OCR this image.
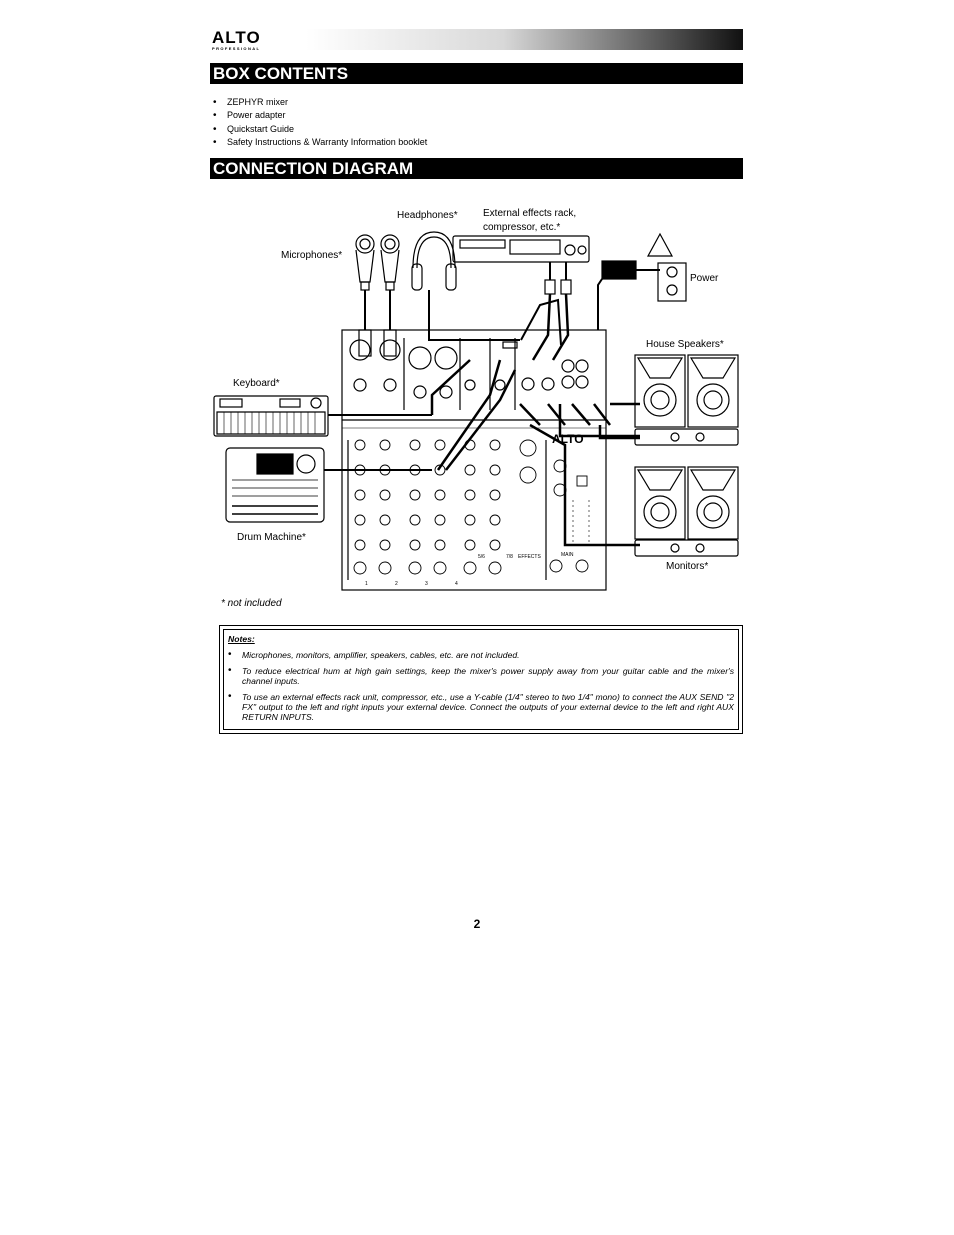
ALTO
PROFESSIONAL
BOX CONTENTS
• ZEPHYR mixer
• Power adapter
• Quickstart Guide
• Safety Instructions & Warranty Information booklet
CONNECTION DIAGRAM
Headphones*	External effects rack,
compressor, etc.*
Microphones*
Power
House Speakers*
Keyboard*
Drum Machine*
Monitors*
* not included
1	2	3	4
5/6	7/8 EFFECTS	MAIN
ALTO
Notes:
• Microphones, monitors, amplifier, speakers, cables, etc. are not included.
• To reduce electrical hum at high gain settings, keep the mixer's power supply away from your guitar cable and the mixer's channel inputs.
• To use an external effects rack unit, compressor, etc., use a Y-cable (1/4" stereo to two 1/4" mono) to connect the AUX SEND "2 FX" output to the left and right inputs your external device. Connect the outputs of your external device to the left and right AUX RETURN INPUTS.
2
